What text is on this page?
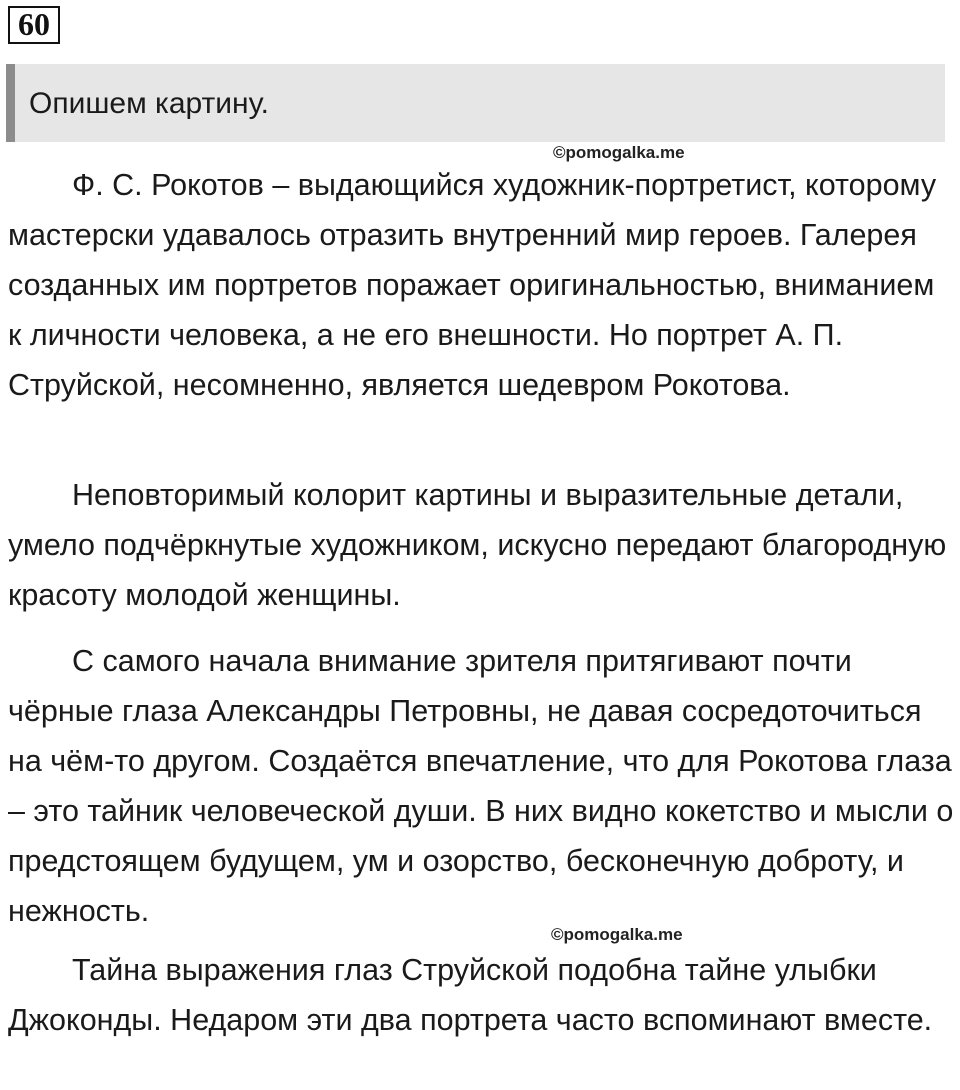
60
Опишем картину.
©pomogalka.me

Ф. С. Рокотов – выдающийся художник-портретист, которому мастерски удавалось отразить внутренний мир героев. Галерея созданных им портретов поражает оригинальностью, вниманием к личности человека, а не его внешности. Но портрет А. П. Струйской, несомненно, является шедевром Рокотова.

Неповторимый колорит картины и выразительные детали, умело подчёркнутые художником, искусно передают благородную красоту молодой женщины.

С самого начала внимание зрителя притягивают почти чёрные глаза Александры Петровны, не давая сосредоточиться на чём-то другом. Создаётся впечатление, что для Рокотова глаза – это тайник человеческой души. В них видно кокетство и мысли о предстоящем будущем, ум и озорство, бесконечную доброту, и нежность.

©pomogalka.me

Тайна выражения глаз Струйской подобна тайне улыбки Джоконды. Недаром эти два портрета часто вспоминают вместе.
